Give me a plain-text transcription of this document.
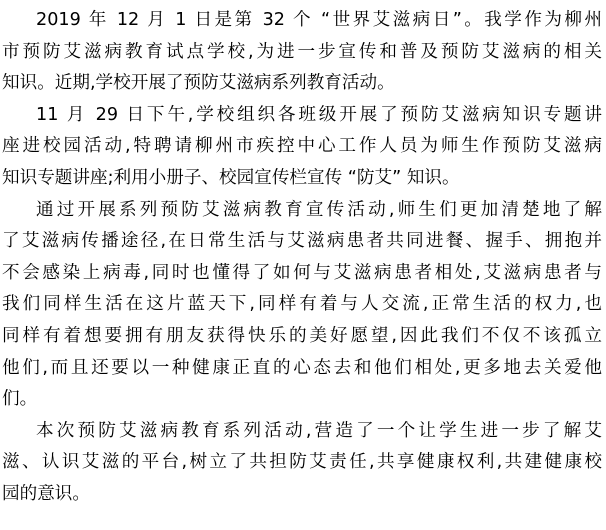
2019 年 12 月 1 日是第 32 个 “世界艾滋病日”。我学作为柳州
市预防艾滋病教育试点学校,为进一步宣传和普及预防艾滋病的相关
知识。近期,学校开展了预防艾滋病系列教育活动。
11 月 29 日下午,学校组织各班级开展了预防艾滋病知识专题讲
座进校园活动,特聘请柳州市疾控中心工作人员为师生作预防艾滋病
知识专题讲座;利用小册子、校园宣传栏宣传 “防艾” 知识。
通过开展系列预防艾滋病教育宣传活动,师生们更加清楚地了解
了艾滋病传播途径,在日常生活与艾滋病患者共同进餐、握手、拥抱并
不会感染上病毒,同时也懂得了如何与艾滋病患者相处,艾滋病患者与
我们同样生活在这片蓝天下,同样有着与人交流,正常生活的权力,也
同样有着想要拥有朋友获得快乐的美好愿望,因此我们不仅不该孤立
他们,而且还要以一种健康正直的心态去和他们相处,更多地去关爱他
们。
本次预防艾滋病教育系列活动,营造了一个让学生进一步了解艾
滋、认识艾滋的平台,树立了共担防艾责任,共享健康权利,共建健康校
园的意识。
